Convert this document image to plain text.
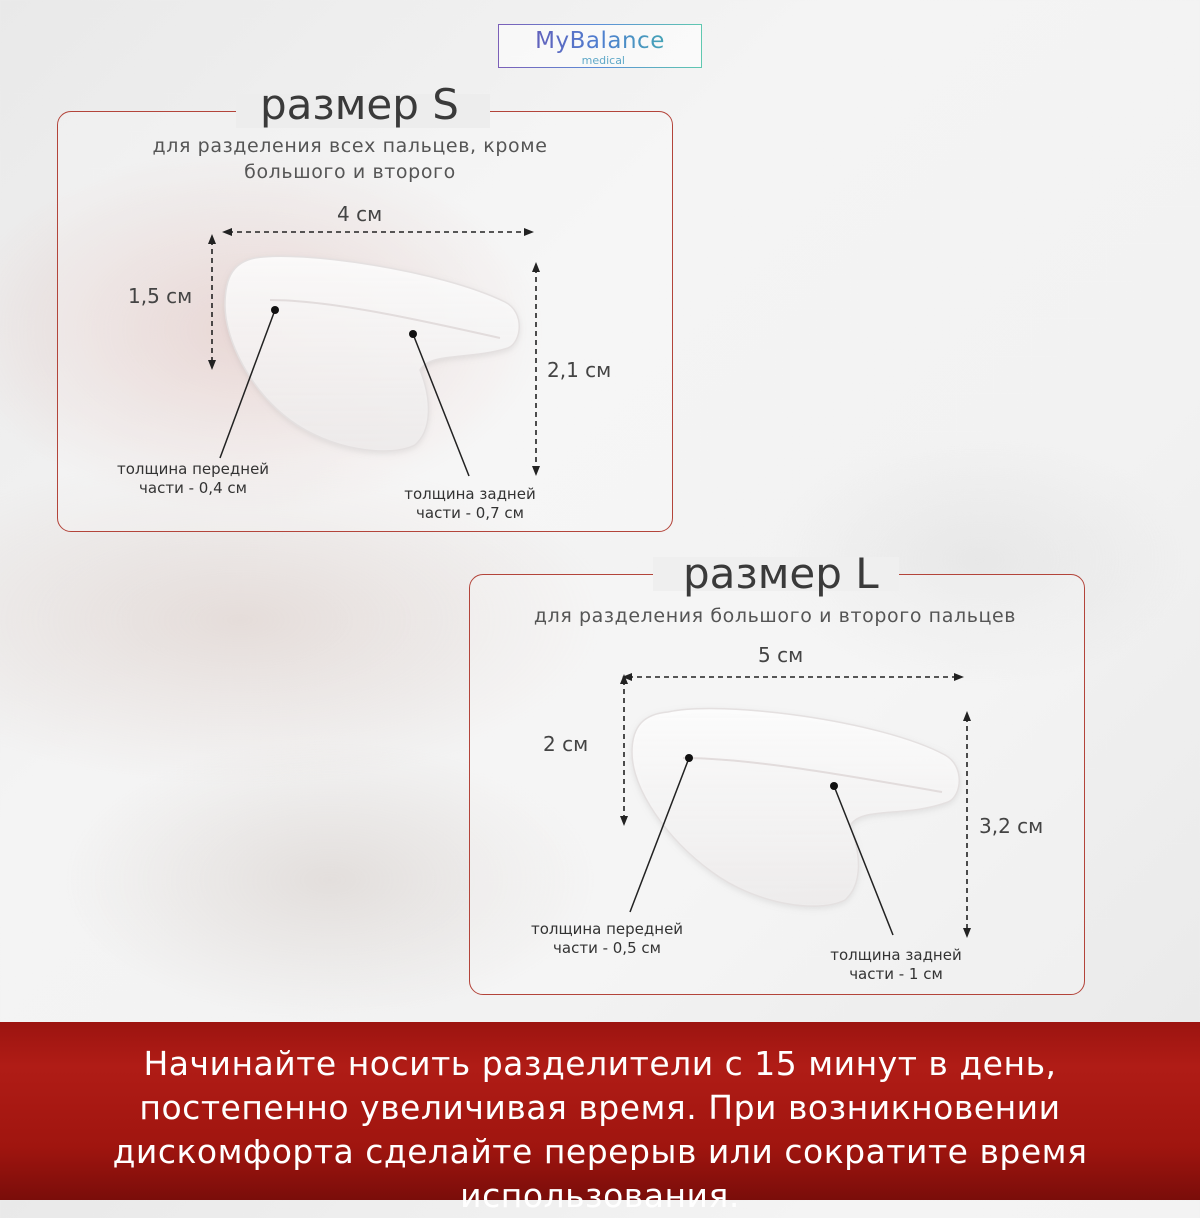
MyBalance
medical
размер S
размер L
для разделения всех пальцев, кроме большого и второго
для разделения большого и второго пальцев
4 см
1,5 см
2,1 см
толщина передней
части - 0,4 см	толщина задней
части - 0,7 см
5 см
2 см
3,2 см
толщина передней
части - 0,5 см	толщина задней
части - 1 см
Начинайте носить разделители с 15 минут в день, постепенно увеличивая время. При возникновении дискомфорта сделайте перерыв или сократите время использования.
